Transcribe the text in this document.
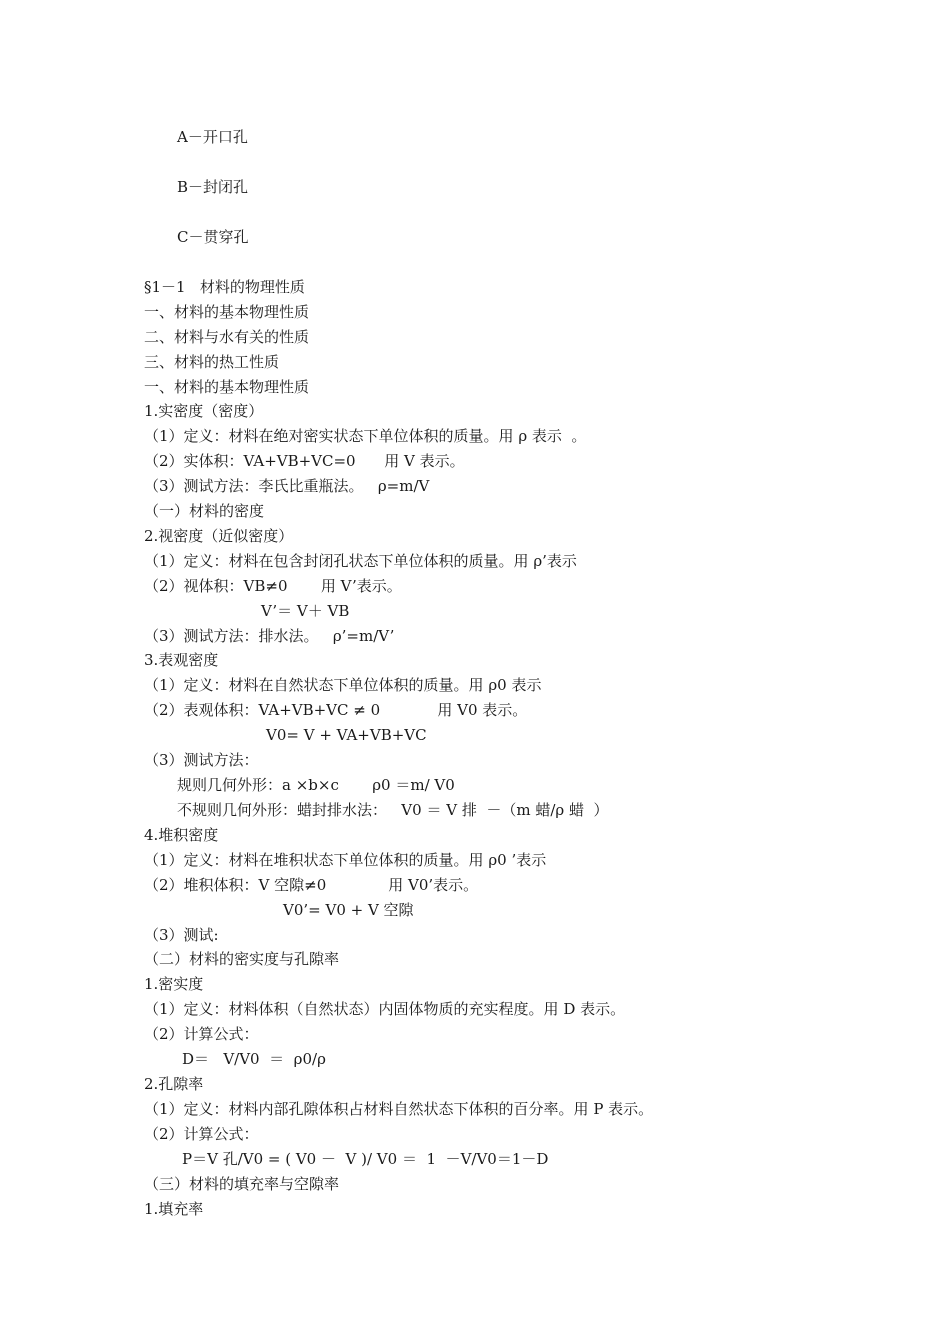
A－开口孔
B－封闭孔
C－贯穿孔
§1－1   材料的物理性质
一、材料的基本物理性质
二、材料与水有关的性质
三、材料的热工性质
一、材料的基本物理性质
1.实密度（密度）
（1）定义：材料在绝对密实状态下单位体积的质量。用 ρ 表示  。
（2）实体积：VA+VB+VC=0      用 V 表示。
（3）测试方法：李氏比重瓶法。   ρ=m/V
（一）材料的密度
2.视密度（近似密度）
（1）定义：材料在包含封闭孔状态下单位体积的质量。用 ρ’表示
（2）视体积：VB≠0       用 V’表示。
V’＝ V＋ VB
（3）测试方法：排水法。   ρ’=m/V’
3.表观密度
（1）定义：材料在自然状态下单位体积的质量。用 ρ0 表示
（2）表观体积：VA+VB+VC ≠ 0            用 V0 表示。
V0= V + VA+VB+VC
（3）测试方法：
规则几何外形：a ×b×c       ρ0 ＝m/ V0
不规则几何外形：蜡封排水法：   V0 ＝ V 排  －（m 蜡/ρ 蜡  ）
4.堆积密度
（1）定义：材料在堆积状态下单位体积的质量。用 ρ0 ’表示
（2）堆积体积：V 空隙≠0             用 V0’表示。
V0’= V0 + V 空隙
（3）测试:
（二）材料的密实度与孔隙率
1.密实度
（1）定义：材料体积（自然状态）内固体物质的充实程度。用 D 表示。
（2）计算公式：
D＝   V/V0  ＝  ρ0/ρ
2.孔隙率
（1）定义：材料内部孔隙体积占材料自然状态下体积的百分率。用 P 表示。
（2）计算公式：
P＝V 孔/V0 = ( V0 －  V )/ V0 ＝  1  －V/V0＝1－D
（三）材料的填充率与空隙率
1.填充率
